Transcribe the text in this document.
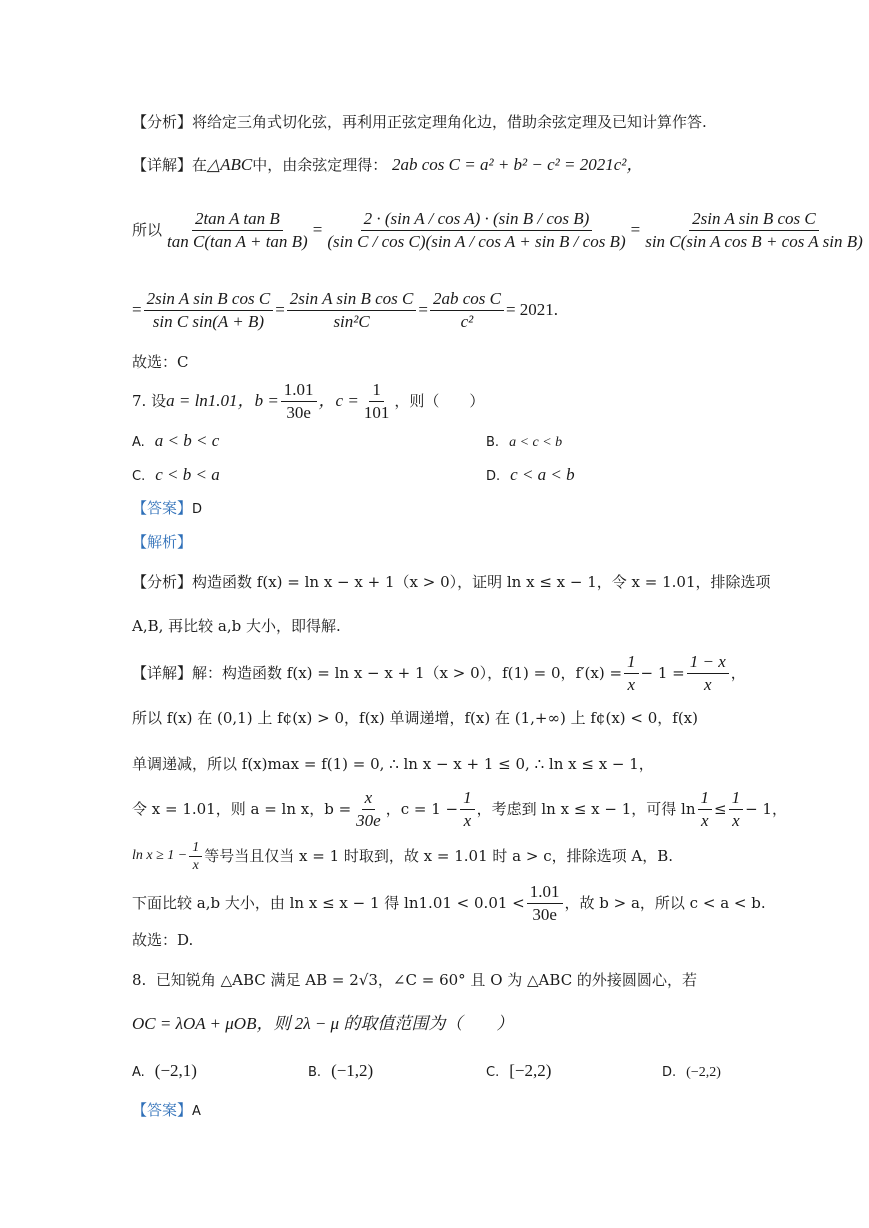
【分析】将给定三角式切化弦，再利用正弦定理角化边，借助余弦定理及已知计算作答.
【详解】在△ABC中，由余弦定理得： 2ab cos C = a² + b² − c² = 2021c²，
所以 $\frac{\text{2tan A tan B}}{\text{tan C(tan A + tan B)}} = \frac{\text{2 · (sin A / cos A) · (sin B / cos B)}}{\text{(sin C / cos C)(sin A / cos A + sin B / cos B)}} = \frac{\text{2sin A sin B cos C}}{\text{sin C(sin A cos B + cos A sin B)}}$
= $\frac{\text{2sin A sin B cos C}}{\text{sin C sin(A + B)}} = \frac{\text{2sin A sin B cos C}}{\text{sin²C}} = \frac{\text{2ab cos C}}{\text{c²}} = 2021$.
故选：C
7.
设 a = ln1.01， $b = \frac{1.01}{30e}$ ，$c = \frac{1}{101}$ ，则（　　）
A. a < b < c	B. a < c < b
C. c < b < a	D. c < a < b
【答案】D
【解析】
【分析】构造函数 f(x) = ln x − x + 1（x > 0），证明 ln x ≤ x − 1，令 x = 1.01，排除选项
A,B, 再比较 a,b 大小，即得解.
【详解】 解：构造函数 f(x) = ln x − x + 1（x > 0），f(1) = 0，$f'(x) = \frac{1}{x} - 1 = \frac{1 - x}{x}$ ，
所以 f(x) 在 (0,1) 上 f¢(x) > 0，f(x) 单调递增，f(x) 在 (1,+∞) 上 f¢(x) < 0，f(x)
单调递减，所以 f(x)max = f(1) = 0, ∴ ln x − x + 1 ≤ 0, ∴ ln x ≤ x − 1，
令 x = 1.01，则 a = ln x，$b = \frac{x}{30e}$ ，$c = 1 - \frac{1}{x}$ ，考虑到 ln x ≤ x − 1，可得 $\ln \frac{1}{x} \le \frac{1}{x} - 1$，
$\ln x \ge 1 - \frac{1}{x}$ 等号当且仅当 x = 1 时取到，故 x = 1.01 时 a > c，排除选项 A，B.
下面比较 a,b 大小，由 ln x ≤ x − 1 得 $\ln 1.01 < 0.01 < \frac{1.01}{30e}$ ，故 b > a，所以 c < a < b.
故选：D.
8. 已知锐角 △ABC 满足 AB = 2√3，∠C = 60° 且 O 为 △ABC 的外接圆圆心，若
OC = λOA + μOB，则 2λ − μ 的取值范围为（　　）
A. (−2,1)	B. (−1,2)	C. [−2,2)	D. (−2,2)
【答案】A
